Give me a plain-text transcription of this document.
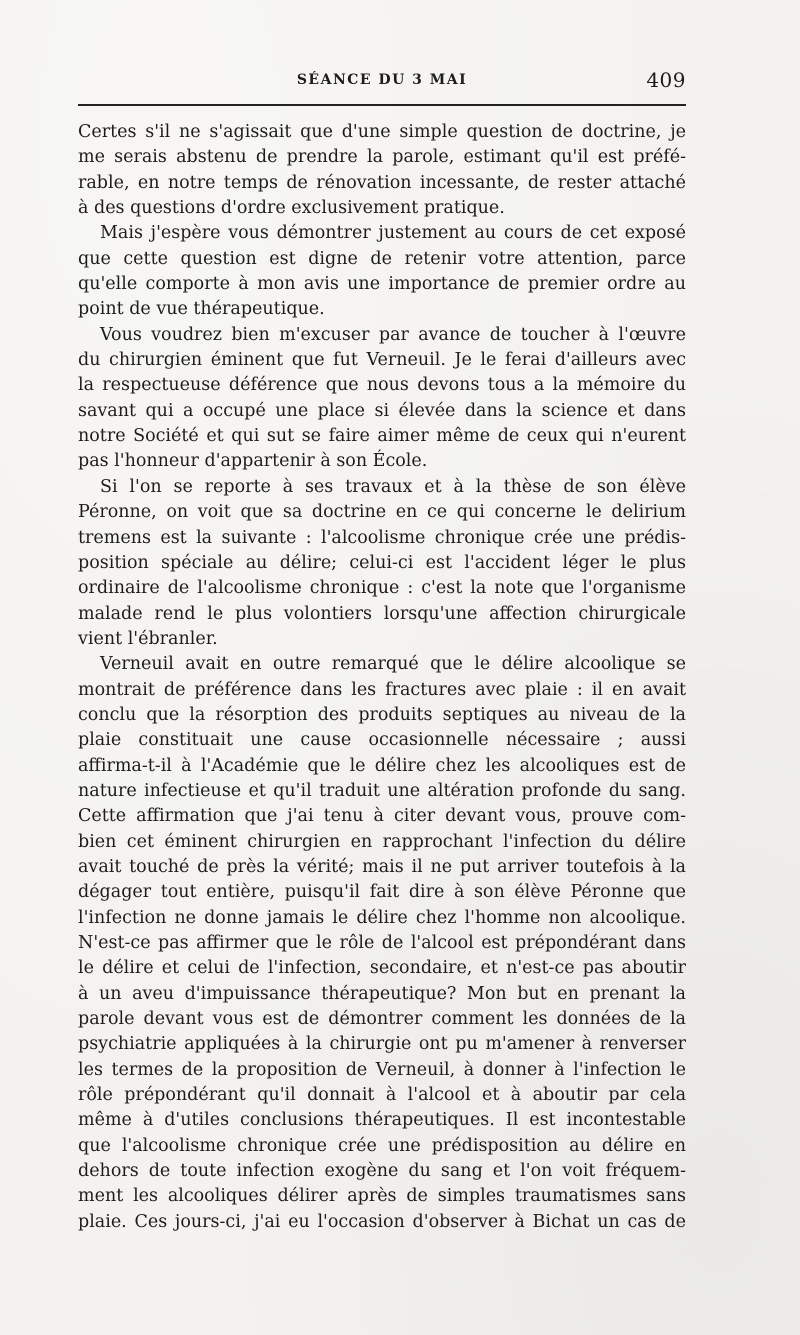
SÉANCE DU 3 MAI	409
Certes s'il ne s'agissait que d'une simple question de doctrine, je
me serais abstenu de prendre la parole, estimant qu'il est préfé-
rable, en notre temps de rénovation incessante, de rester attaché
à des questions d'ordre exclusivement pratique.
Mais j'espère vous démontrer justement au cours de cet exposé
que cette question est digne de retenir votre attention, parce
qu'elle comporte à mon avis une importance de premier ordre au
point de vue thérapeutique.
Vous voudrez bien m'excuser par avance de toucher à l'œuvre
du chirurgien éminent que fut Verneuil. Je le ferai d'ailleurs avec
la respectueuse déférence que nous devons tous a la mémoire du
savant qui a occupé une place si élevée dans la science et dans
notre Société et qui sut se faire aimer même de ceux qui n'eurent
pas l'honneur d'appartenir à son École.
Si l'on se reporte à ses travaux et à la thèse de son élève
Péronne, on voit que sa doctrine en ce qui concerne le delirium
tremens est la suivante : l'alcoolisme chronique crée une prédis-
position spéciale au délire; celui-ci est l'accident léger le plus
ordinaire de l'alcoolisme chronique : c'est la note que l'organisme
malade rend le plus volontiers lorsqu'une affection chirurgicale
vient l'ébranler.
Verneuil avait en outre remarqué que le délire alcoolique se
montrait de préférence dans les fractures avec plaie : il en avait
conclu que la résorption des produits septiques au niveau de la
plaie constituait une cause occasionnelle nécessaire ; aussi
affirma-t-il à l'Académie que le délire chez les alcooliques est de
nature infectieuse et qu'il traduit une altération profonde du sang.
Cette affirmation que j'ai tenu à citer devant vous, prouve com-
bien cet éminent chirurgien en rapprochant l'infection du délire
avait touché de près la vérité; mais il ne put arriver toutefois à la
dégager tout entière, puisqu'il fait dire à son élève Péronne que
l'infection ne donne jamais le délire chez l'homme non alcoolique.
N'est-ce pas affirmer que le rôle de l'alcool est prépondérant dans
le délire et celui de l'infection, secondaire, et n'est-ce pas aboutir
à un aveu d'impuissance thérapeutique? Mon but en prenant la
parole devant vous est de démontrer comment les données de la
psychiatrie appliquées à la chirurgie ont pu m'amener à renverser
les termes de la proposition de Verneuil, à donner à l'infection le
rôle prépondérant qu'il donnait à l'alcool et à aboutir par cela
même à d'utiles conclusions thérapeutiques. Il est incontestable
que l'alcoolisme chronique crée une prédisposition au délire en
dehors de toute infection exogène du sang et l'on voit fréquem-
ment les alcooliques délirer après de simples traumatismes sans
plaie. Ces jours-ci, j'ai eu l'occasion d'observer à Bichat un cas de
